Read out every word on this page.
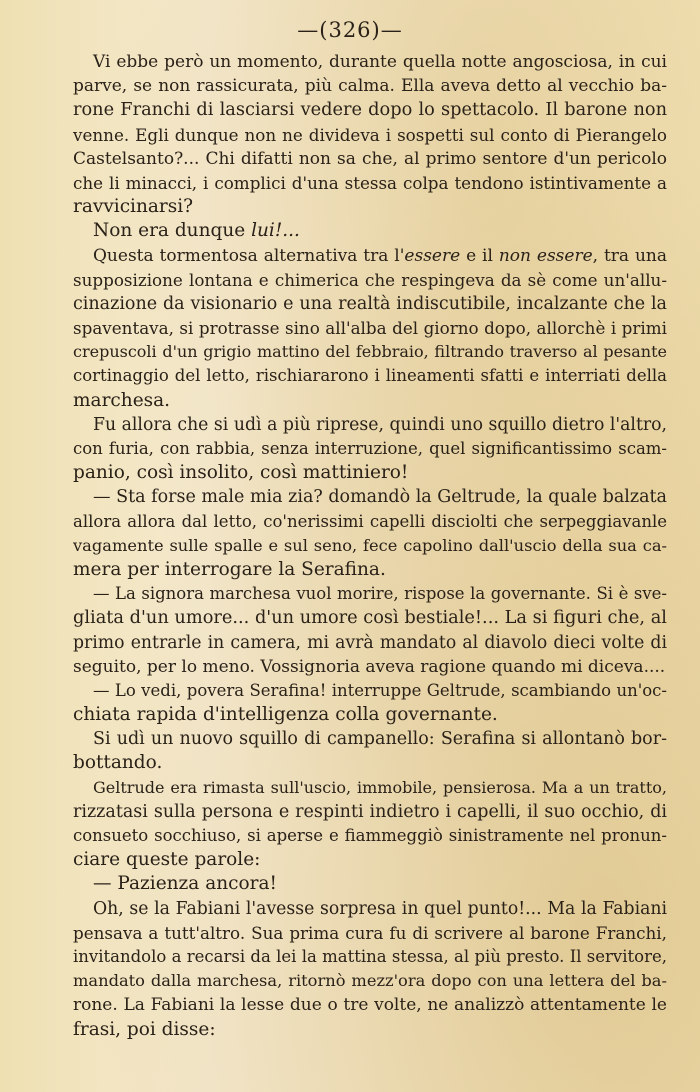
—(326)—

Vi ebbe però un momento, durante quella notte angosciosa, in cui
parve, se non rassicurata, più calma. Ella aveva detto al vecchio ba-
rone Franchi di lasciarsi vedere dopo lo spettacolo. Il barone non
venne. Egli dunque non ne divideva i sospetti sul conto di Pierangelo
Castelsanto?... Chi difatti non sa che, al primo sentore d'un pericolo
che li minacci, i complici d'una stessa colpa tendono istintivamente a
ravvicinarsi?
Non era dunque lui!...
Questa tormentosa alternativa tra l'essere e il non essere, tra una
supposizione lontana e chimerica che respingeva da sè come un'allu-
cinazione da visionario e una realtà indiscutibile, incalzante che la
spaventava, si protrasse sino all'alba del giorno dopo, allorchè i primi
crepuscoli d'un grigio mattino del febbraio, filtrando traverso al pesante
cortinaggio del letto, rischiararono i lineamenti sfatti e interriati della
marchesa.
Fu allora che si udì a più riprese, quindi uno squillo dietro l'altro,
con furia, con rabbia, senza interruzione, quel significantissimo scam-
panio, così insolito, così mattiniero!
— Sta forse male mia zia? domandò la Geltrude, la quale balzata
allora allora dal letto, co'nerissimi capelli disciolti che serpeggiavanle
vagamente sulle spalle e sul seno, fece capolino dall'uscio della sua ca-
mera per interrogare la Serafina.
— La signora marchesa vuol morire, rispose la governante. Si è sve-
gliata d'un umore... d'un umore così bestiale!... La si figuri che, al
primo entrarle in camera, mi avrà mandato al diavolo dieci volte di
seguito, per lo meno. Vossignoria aveva ragione quando mi diceva....
— Lo vedi, povera Serafina! interruppe Geltrude, scambiando un'oc-
chiata rapida d'intelligenza colla governante.
Si udì un nuovo squillo di campanello: Serafina si allontanò bor-
bottando.
Geltrude era rimasta sull'uscio, immobile, pensierosa. Ma a un tratto,
rizzatasi sulla persona e respinti indietro i capelli, il suo occhio, di
consueto socchiuso, si aperse e fiammeggiò sinistramente nel pronun-
ciare queste parole:
— Pazienza ancora!
Oh, se la Fabiani l'avesse sorpresa in quel punto!... Ma la Fabiani
pensava a tutt'altro. Sua prima cura fu di scrivere al barone Franchi,
invitandolo a recarsi da lei la mattina stessa, al più presto. Il servitore,
mandato dalla marchesa, ritornò mezz'ora dopo con una lettera del ba-
rone. La Fabiani la lesse due o tre volte, ne analizzò attentamente le
frasi, poi disse:
